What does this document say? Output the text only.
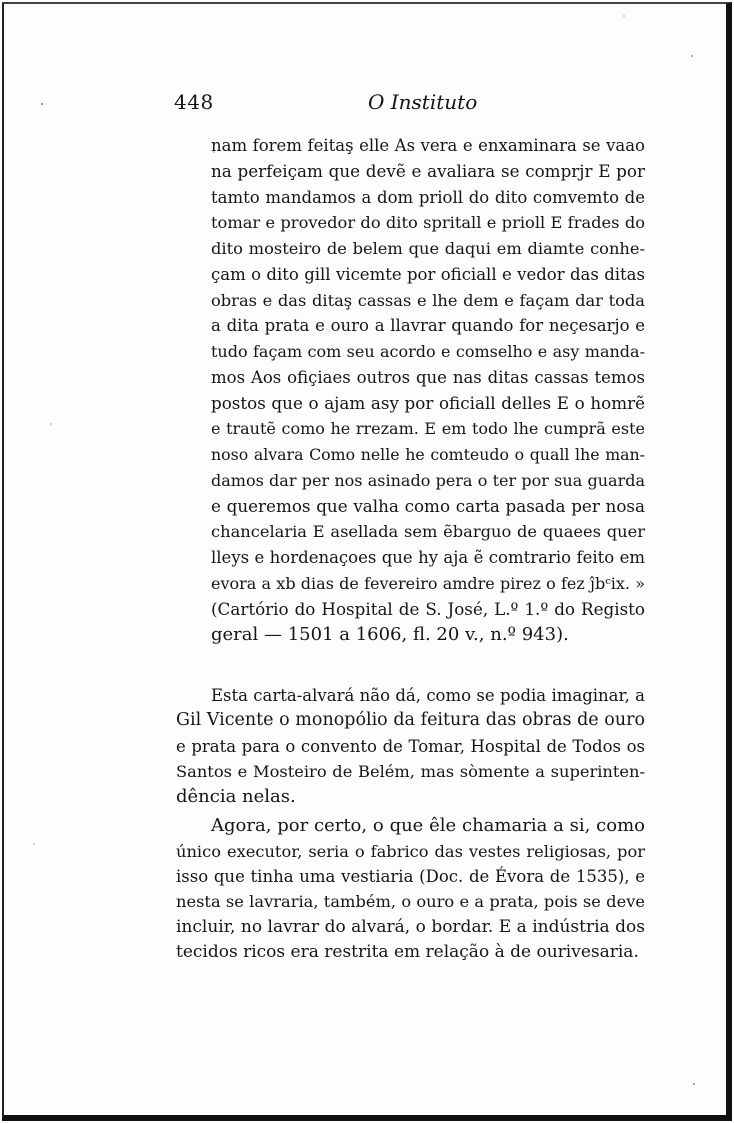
448	O Instituto
nam forem feitaş elle As vera e enxaminara se vaao
na perfeiçam que devẽ e avaliara se comprjr E por
tamto mandamos a dom prioll do dito comvemto de
tomar e provedor do dito spritall e prioll E frades do
dito mosteiro de belem que daqui em diamte conhe-
çam o dito gill vicemte por oficiall e vedor das ditas
obras e das ditaş cassas e lhe dem e façam dar toda
a dita prata e ouro a llavrar quando for neçesarjo e
tudo façam com seu acordo e comselho e asy manda-
mos Aos ofiçiaes outros que nas ditas cassas temos
postos que o ajam asy por oficiall delles E o homrẽ
e trautẽ como he rrezam. E em todo lhe cumprã este
noso alvara Como nelle he comteudo o quall lhe man-
damos dar per nos asinado pera o ter por sua guarda
e queremos que valha como carta pasada per nosa
chancelaria E asellada sem ẽbarguo de quaees quer
lleys e hordenaçoes que hy aja ẽ comtrario feito em
evora a xb dias de fevereiro amdre pirez o fez ĵbᶜix. »
(Cartório do Hospital de S. José, L.º 1.º do Registo
geral — 1501 a 1606, fl. 20 v., n.º 943).
Esta carta-alvará não dá, como se podia imaginar, a
Gil Vicente o monopólio da feitura das obras de ouro
e prata para o convento de Tomar, Hospital de Todos os
Santos e Mosteiro de Belém, mas sòmente a superinten-
dência nelas.
Agora, por certo, o que êle chamaria a si, como
único executor, seria o fabrico das vestes religiosas, por
isso que tinha uma vestiaria (Doc. de Évora de 1535), e
nesta se lavraria, também, o ouro e a prata, pois se deve
incluir, no lavrar do alvará, o bordar. E a indústria dos
tecidos ricos era restrita em relação à de ourivesaria.
